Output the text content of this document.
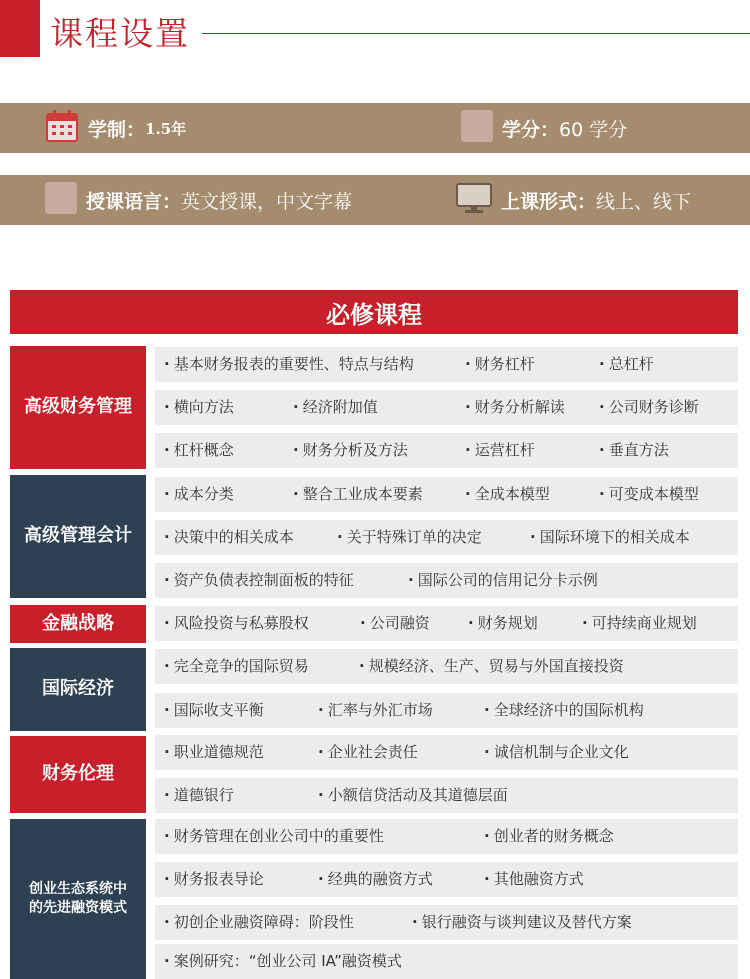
课程设置
学制： 1.5年	学分： 60 学分
授课语言： 英文授课，中文字幕	上课形式： 线上、线下
必修课程
高级财务管理
· 基本财务报表的重要性、特点与结构	· 财务杠杆	· 总杠杆
· 横向方法	· 经济附加值	· 财务分析解读	· 公司财务诊断
· 杠杆概念	· 财务分析及方法	· 运营杠杆	· 垂直方法
高级管理会计
· 成本分类	· 整合工业成本要素	· 全成本模型	· 可变成本模型
· 决策中的相关成本	· 关于特殊订单的决定	· 国际环境下的相关成本
· 资产负债表控制面板的特征	· 国际公司的信用记分卡示例
金融战略	· 风险投资与私募股权	· 公司融资	· 财务规划	· 可持续商业规划
国际经济
· 完全竞争的国际贸易	· 规模经济、生产、贸易与外国直接投资
· 国际收支平衡	· 汇率与外汇市场	· 全球经济中的国际机构
财务伦理
· 职业道德规范	· 企业社会责任	· 诚信机制与企业文化
· 道德银行	· 小额信贷活动及其道德层面
创业生态系统中
的先进融资模式
· 财务管理在创业公司中的重要性	· 创业者的财务概念
· 财务报表导论	· 经典的融资方式	· 其他融资方式
· 初创企业融资障碍：阶段性	· 银行融资与谈判建议及替代方案
· 案例研究：“创业公司 IA”融资模式
